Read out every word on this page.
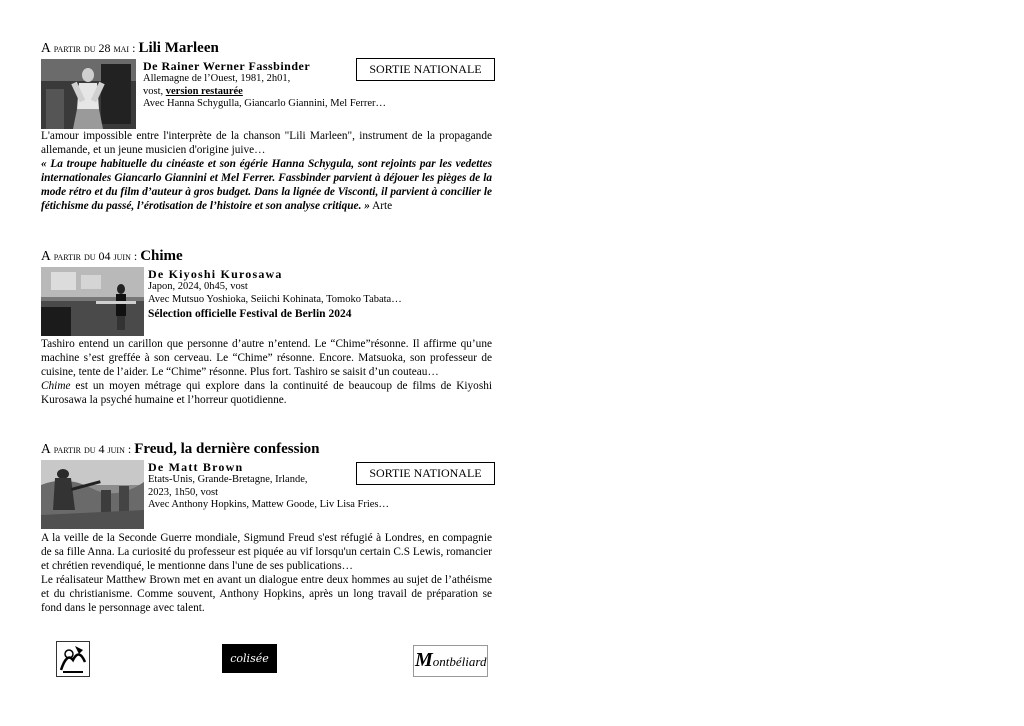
A partir du 28 mai : Lili Marleen
De Rainer Werner Fassbinder
Allemagne de l’Ouest, 1981, 2h01,
vost, version restaurée
Avec Hanna Schygulla, Giancarlo Giannini, Mel Ferrer…
SORTIE NATIONALE
L'amour impossible entre l'interprète de la chanson "Lili Marleen", instrument de la propagande allemande, et un jeune musicien d'origine juive…
« La troupe habituelle du cinéaste et son égérie Hanna Schygula, sont rejoints par les vedettes internationales Giancarlo Giannini et Mel Ferrer. Fassbinder parvient à déjouer les pièges de la mode rétro et du film d’auteur à gros budget. Dans la lignée de Visconti, il parvient à concilier le fétichisme du passé, l’érotisation de l’histoire et son analyse critique. » Arte
A partir du 04 juin : Chime
De Kiyoshi Kurosawa
Japon, 2024, 0h45, vost
Avec Mutsuo Yoshioka, Seiichi Kohinata, Tomoko Tabata…
Sélection officielle Festival de Berlin 2024
Tashiro entend un carillon que personne d’autre n’entend. Le “Chime”résonne. Il affirme qu’une machine s’est greffée à son cerveau. Le “Chime” résonne. Encore. Matsuoka, son professeur de cuisine, tente de l’aider. Le “Chime” résonne. Plus fort. Tashiro se saisit d’un couteau…
Chime est un moyen métrage qui explore dans la continuité de beaucoup de films de Kiyoshi Kurosawa la psyché humaine et l’horreur quotidienne.
A partir du 4 juin : Freud, la dernière confession
De Matt Brown
Etats-Unis, Grande-Bretagne, Irlande,
2023, 1h50, vost
Avec Anthony Hopkins, Mattew Goode, Liv Lisa Fries…
SORTIE NATIONALE
A la veille de la Seconde Guerre mondiale, Sigmund Freud s'est réfugié à Londres, en compagnie de sa fille Anna. La curiosité du professeur est piquée au vif lorsqu'un certain C.S Lewis, romancier et chrétien revendiqué, le mentionne dans l'une de ses publications…
Le réalisateur Matthew Brown met en avant un dialogue entre deux hommes au sujet de l’athéisme et du christianisme. Comme souvent, Anthony Hopkins, après un long travail de préparation se fond dans le personnage avec talent.
colisée	Montbéliard
